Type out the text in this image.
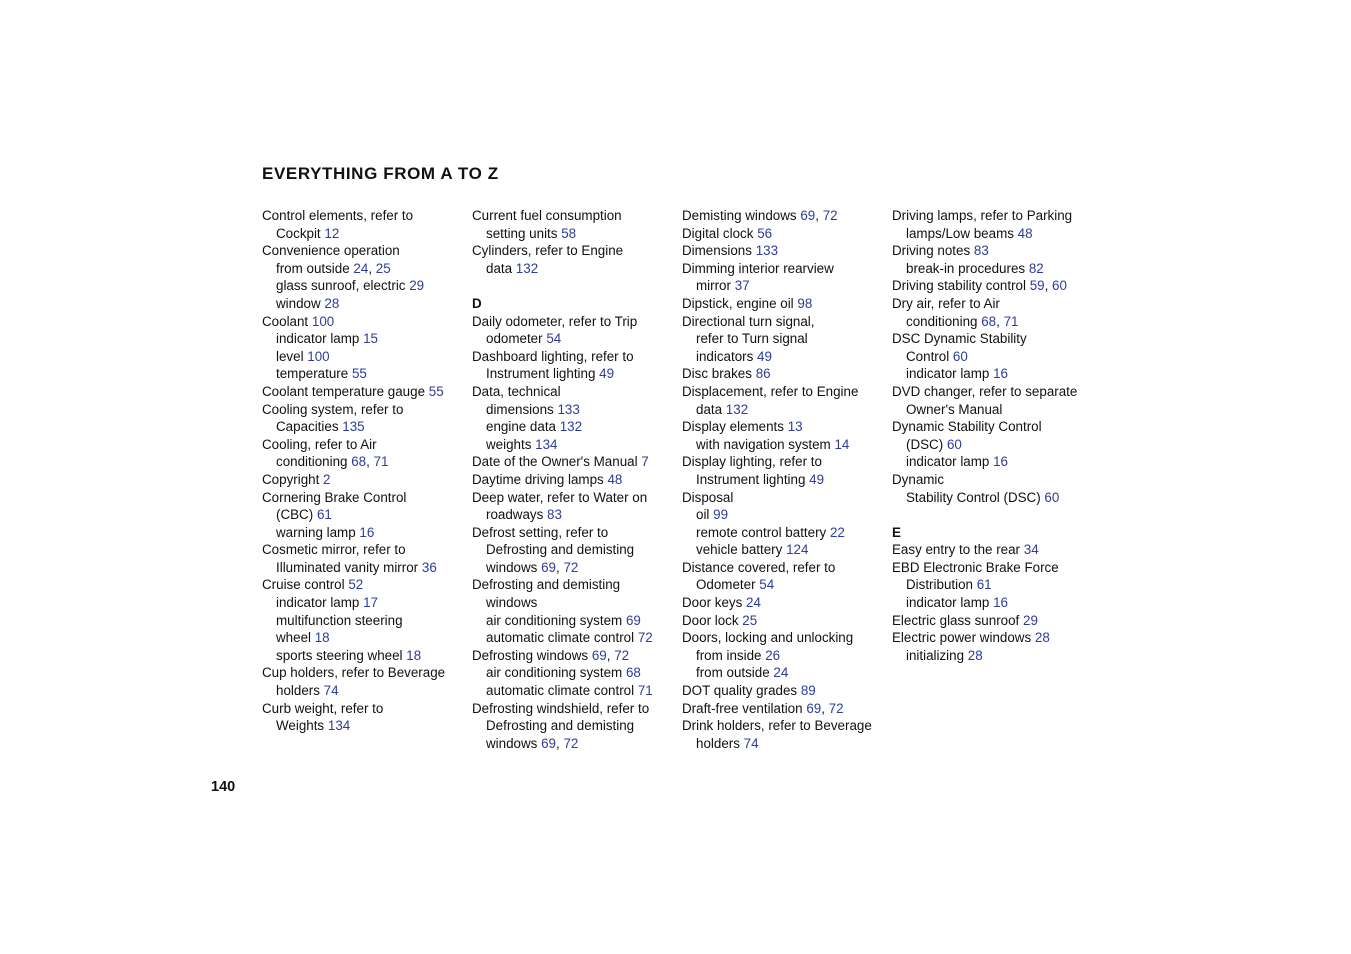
EVERYTHING FROM A TO Z
Control elements, refer to
Cockpit 12
Convenience operation
from outside 24, 25
glass sunroof, electric 29
window 28
Coolant 100
indicator lamp 15
level 100
temperature 55
Coolant temperature gauge 55
Cooling system, refer to
Capacities 135
Cooling, refer to Air
conditioning 68, 71
Copyright 2
Cornering Brake Control
(CBC) 61
warning lamp 16
Cosmetic mirror, refer to
Illuminated vanity mirror 36
Cruise control 52
indicator lamp 17
multifunction steering
wheel 18
sports steering wheel 18
Cup holders, refer to Beverage
holders 74
Curb weight, refer to
Weights 134
Current fuel consumption
setting units 58
Cylinders, refer to Engine
data 132
D
Daily odometer, refer to Trip
odometer 54
Dashboard lighting, refer to
Instrument lighting 49
Data, technical
dimensions 133
engine data 132
weights 134
Date of the Owner's Manual 7
Daytime driving lamps 48
Deep water, refer to Water on
roadways 83
Defrost setting, refer to
Defrosting and demisting
windows 69, 72
Defrosting and demisting
windows
air conditioning system 69
automatic climate control 72
Defrosting windows 69, 72
air conditioning system 68
automatic climate control 71
Defrosting windshield, refer to
Defrosting and demisting
windows 69, 72
Demisting windows 69, 72
Digital clock 56
Dimensions 133
Dimming interior rearview
mirror 37
Dipstick, engine oil 98
Directional turn signal,
refer to Turn signal
indicators 49
Disc brakes 86
Displacement, refer to Engine
data 132
Display elements 13
with navigation system 14
Display lighting, refer to
Instrument lighting 49
Disposal
oil 99
remote control battery 22
vehicle battery 124
Distance covered, refer to
Odometer 54
Door keys 24
Door lock 25
Doors, locking and unlocking
from inside 26
from outside 24
DOT quality grades 89
Draft-free ventilation 69, 72
Drink holders, refer to Beverage
holders 74
Driving lamps, refer to Parking
lamps/Low beams 48
Driving notes 83
break-in procedures 82
Driving stability control 59, 60
Dry air, refer to Air
conditioning 68, 71
DSC Dynamic Stability
Control 60
indicator lamp 16
DVD changer, refer to separate
Owner's Manual
Dynamic Stability Control
(DSC) 60
indicator lamp 16
Dynamic
Stability Control (DSC) 60
E
Easy entry to the rear 34
EBD Electronic Brake Force
Distribution 61
indicator lamp 16
Electric glass sunroof 29
Electric power windows 28
initializing 28
140
